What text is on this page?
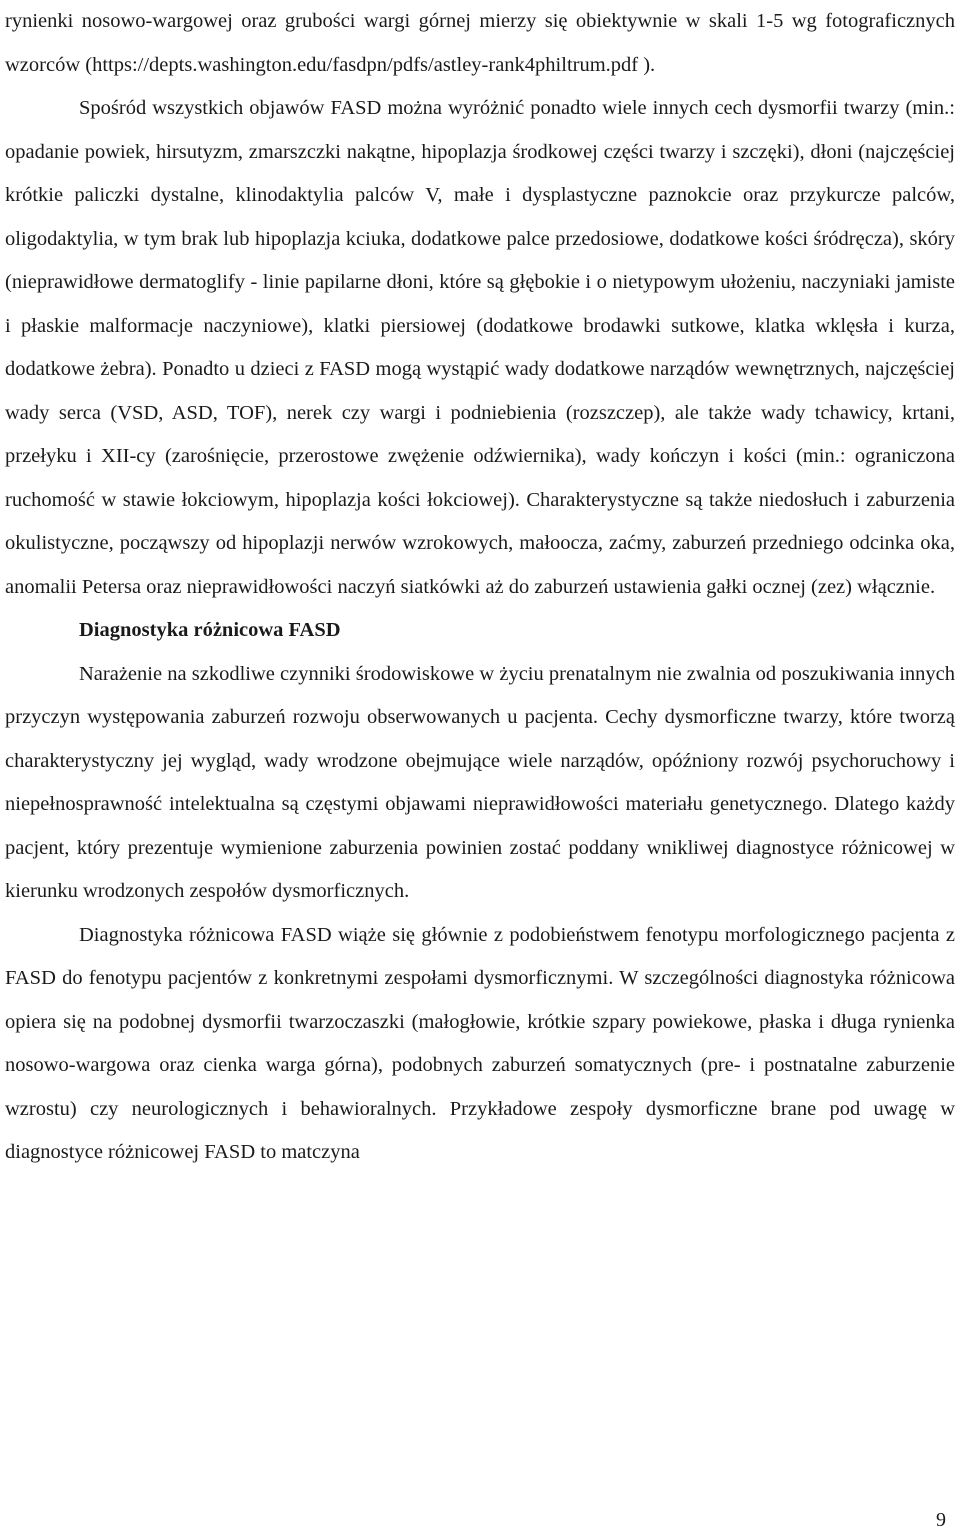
rynienki nosowo-wargowej oraz grubości wargi górnej mierzy się obiektywnie w skali 1-5 wg fotograficznych wzorców (https://depts.washington.edu/fasdpn/pdfs/astley-rank4philtrum.pdf ).

Spośród wszystkich objawów FASD można wyróżnić ponadto wiele innych cech dysmorfii twarzy (min.: opadanie powiek, hirsutyzm, zmarszczki nakątne, hipoplazja środkowej części twarzy i szczęki), dłoni (najczęściej krótkie paliczki dystalne, klinodaktylia palców V, małe i dysplastyczne paznokcie oraz przykurcze palców, oligodaktylia, w tym brak lub hipoplazja kciuka, dodatkowe palce przedosiowe, dodatkowe kości śródręcza), skóry (nieprawidłowe dermatoglify - linie papilarne dłoni, które są głębokie i o nietypowym ułożeniu, naczyniaki jamiste i płaskie malformacje naczyniowe), klatki piersiowej (dodatkowe brodawki sutkowe, klatka wklęsła i kurza, dodatkowe żebra). Ponadto u dzieci z FASD mogą wystąpić wady dodatkowe narządów wewnętrznych, najczęściej wady serca (VSD, ASD, TOF), nerek czy wargi i podniebienia (rozszczep), ale także wady tchawicy, krtani, przełyku i XII-cy (zarośnięcie, przerostowe zwężenie odźwiernika), wady kończyn i kości (min.: ograniczona ruchomość w stawie łokciowym, hipoplazja kości łokciowej). Charakterystyczne są także niedosłuch i zaburzenia okulistyczne, począwszy od hipoplazji nerwów wzrokowych, małoocza, zaćmy, zaburzeń przedniego odcinka oka, anomalii Petersa oraz nieprawidłowości naczyń siatkówki aż do zaburzeń ustawienia gałki ocznej (zez) włącznie.

Diagnostyka różnicowa FASD

Narażenie na szkodliwe czynniki środowiskowe w życiu prenatalnym nie zwalnia od poszukiwania innych przyczyn występowania zaburzeń rozwoju obserwowanych u pacjenta. Cechy dysmorficzne twarzy, które tworzą charakterystyczny jej wygląd, wady wrodzone obejmujące wiele narządów, opóźniony rozwój psychoruchowy i niepełnosprawność intelektualna są częstymi objawami nieprawidłowości materiału genetycznego. Dlatego każdy pacjent, który prezentuje wymienione zaburzenia powinien zostać poddany wnikliwej diagnostyce różnicowej w kierunku wrodzonych zespołów dysmorficznych.

Diagnostyka różnicowa FASD wiąże się głównie z podobieństwem fenotypu morfologicznego pacjenta z FASD do fenotypu pacjentów z konkretnymi zespołami dysmorficznymi. W szczególności diagnostyka różnicowa opiera się na podobnej dysmorfii twarzoczaszki (małogłowie, krótkie szpary powiekowe, płaska i długa rynienka nosowo-wargowa oraz cienka warga górna), podobnych zaburzeń somatycznych (pre- i postnatalne zaburzenie wzrostu) czy neurologicznych i behawioralnych. Przykładowe zespoły dysmorficzne brane pod uwagę w diagnostyce różnicowej FASD to matczyna

9
